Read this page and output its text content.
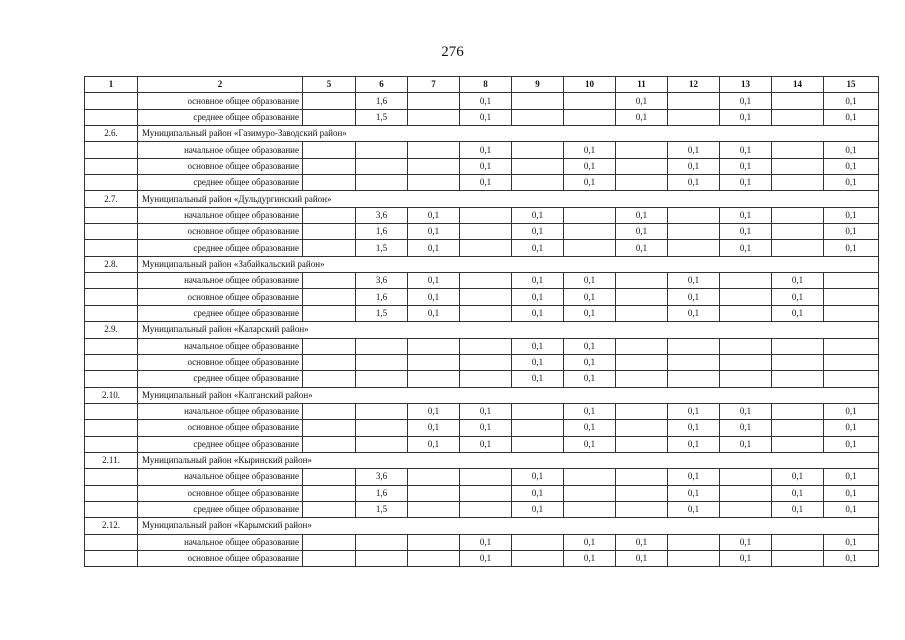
276
1	2	5	6	7	8	9	10	11	12	13	14	15
	основное общее образование		1,6		0,1			0,1		0,1		0,1
	среднее общее образование		1,5		0,1			0,1		0,1		0,1
2.6.	Муниципальный район «Газимуро-Заводский район»											
	начальное общее образование				0,1		0,1		0,1	0,1		0,1
	основное общее образование				0,1		0,1		0,1	0,1		0,1
	среднее общее образование				0,1		0,1		0,1	0,1		0,1
2.7.	Муниципальный район «Дульдургинский район»											
	начальное общее образование		3,6	0,1		0,1		0,1		0,1		0,1
	основное общее образование		1,6	0,1		0,1		0,1		0,1		0,1
	среднее общее образование		1,5	0,1		0,1		0,1		0,1		0,1
2.8.	Муниципальный район «Забайкальский район»											
	начальное общее образование		3,6	0,1		0,1	0,1		0,1		0,1	
	основное общее образование		1,6	0,1		0,1	0,1		0,1		0,1	
	среднее общее образование		1,5	0,1		0,1	0,1		0,1		0,1	
2.9.	Муниципальный район «Каларский район»											
	начальное общее образование					0,1	0,1					
	основное общее образование					0,1	0,1					
	среднее общее образование					0,1	0,1					
2.10.	Муниципальный район «Калганский район»											
	начальное общее образование			0,1	0,1		0,1		0,1	0,1		0,1
	основное общее образование			0,1	0,1		0,1		0,1	0,1		0,1
	среднее общее образование			0,1	0,1		0,1		0,1	0,1		0,1
2.11.	Муниципальный район «Кыринский район»											
	начальное общее образование		3,6			0,1			0,1		0,1	0,1
	основное общее образование		1,6			0,1			0,1		0,1	0,1
	среднее общее образование		1,5			0,1			0,1		0,1	0,1
2.12.	Муниципальный район «Карымский район»											
	начальное общее образование				0,1		0,1	0,1		0,1		0,1
	основное общее образование				0,1		0,1	0,1		0,1		0,1
